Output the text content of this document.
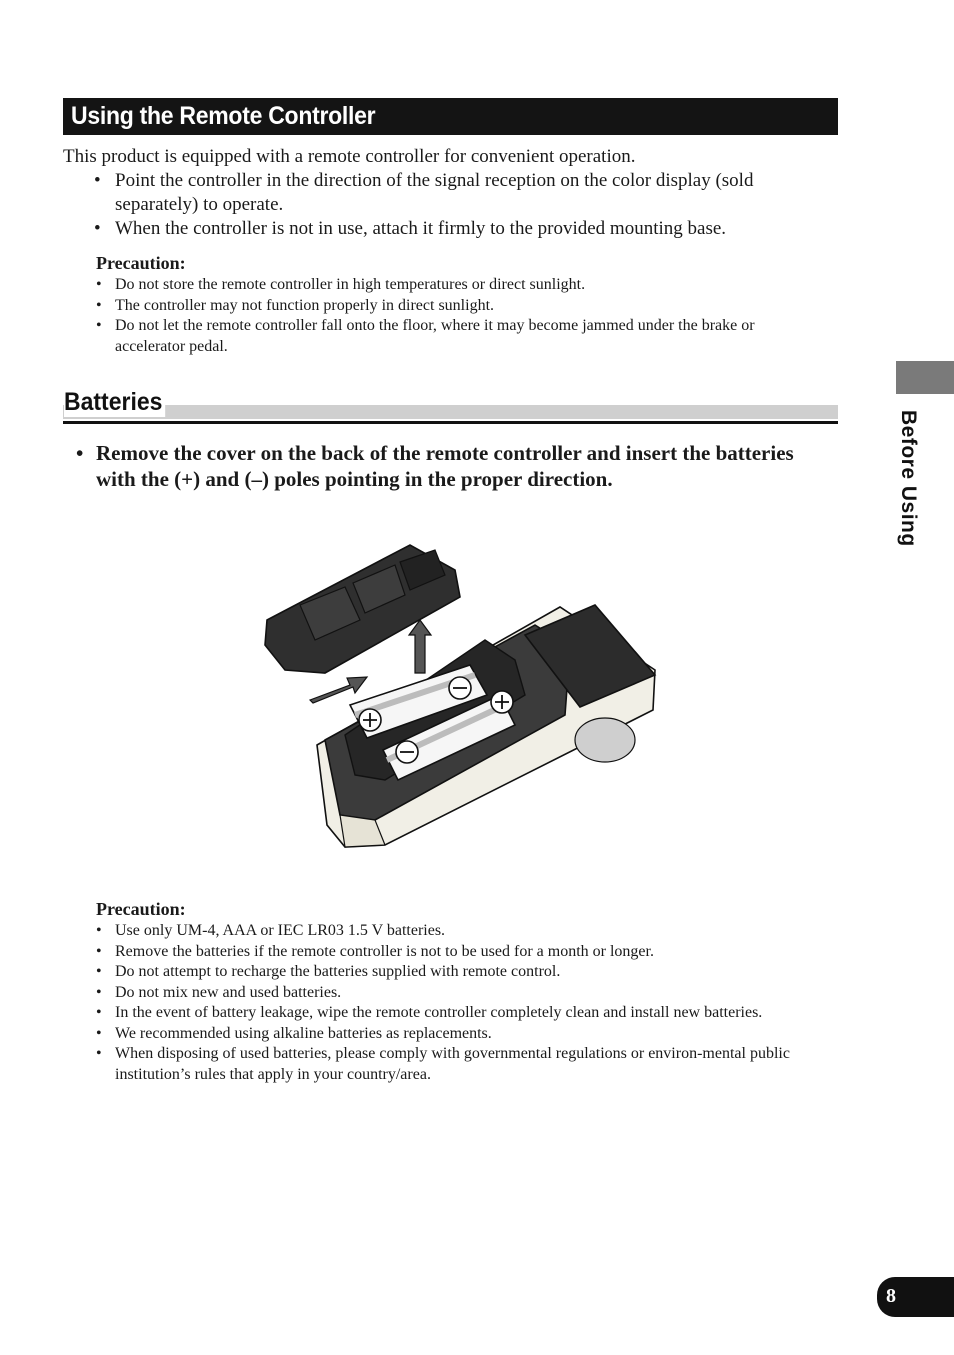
Using the Remote Controller

This product is equipped with a remote controller for convenient operation.

• Point the controller in the direction of the signal reception on the color display (sold separately) to operate.
• When the controller is not in use, attach it firmly to the provided mounting base.

Precaution:

• Do not store the remote controller in high temperatures or direct sunlight.
• The controller may not function properly in direct sunlight.
• Do not let the remote controller fall onto the floor, where it may become jammed under the brake or accelerator pedal.
Batteries

• Remove the cover on the back of the remote controller and insert the batteries with the (+) and (–) poles pointing in the proper direction.

Precaution:

• Use only UM-4, AAA or IEC LR03 1.5 V batteries.
• Remove the batteries if the remote controller is not to be used for a month or longer.
• Do not attempt to recharge the batteries supplied with remote control.
• Do not mix new and used batteries.
• In the event of battery leakage, wipe the remote controller completely clean and install new batteries.
• We recommended using alkaline batteries as replacements.
• When disposing of used batteries, please comply with governmental regulations or environ-mental public institution’s rules that apply in your country/area.
Before Using
8
